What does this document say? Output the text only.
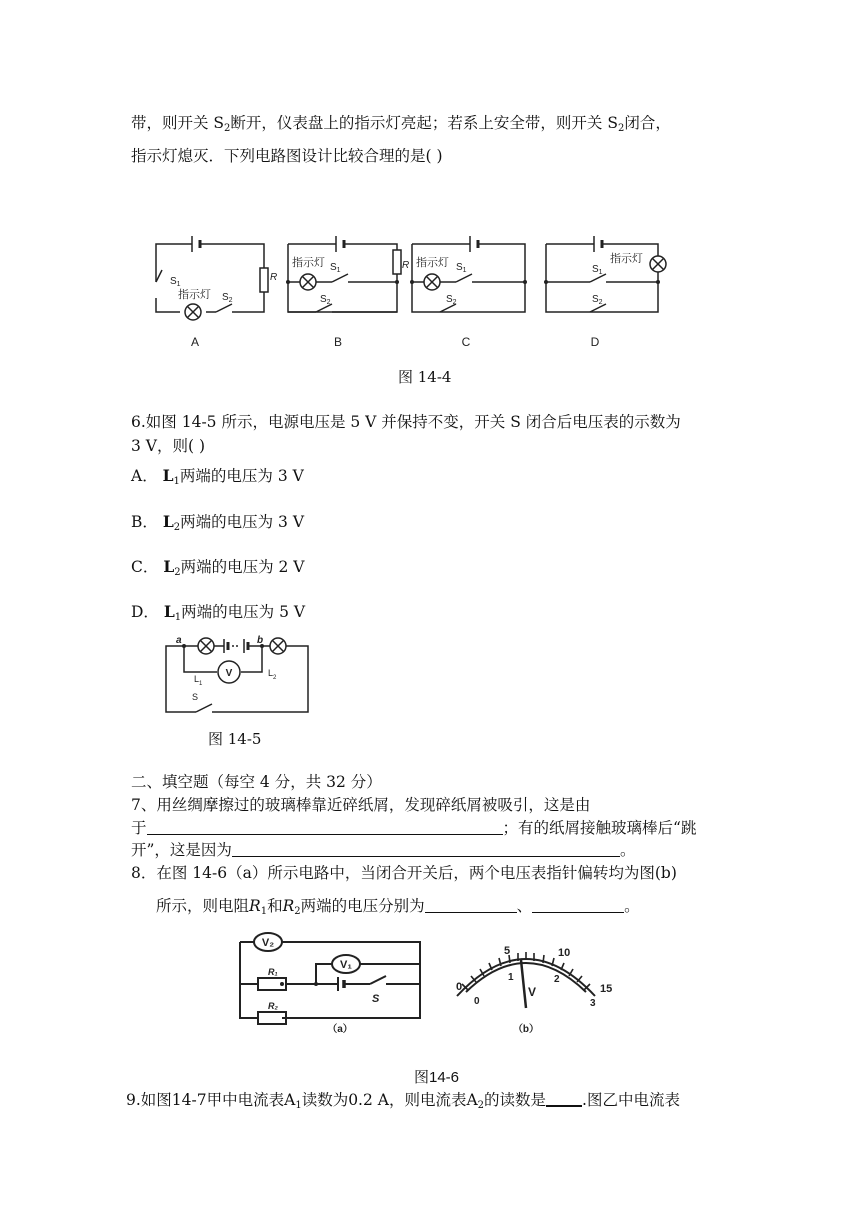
带，则开关 $S_2$断开，仪表盘上的指示灯亮起；若系上安全带，则开关 $S_2$闭合，
指示灯熄灭．下列电路图设计比较合理的是( )
$S_1$
指示灯 $S_2$
R
指示灯 $S_1$
$S_2$
R 指示灯 $S_1$
$S_2$
$S_1$
指示灯
$S_2$
A	B	C	D
图 14-4
6.如图 14-5 所示，电源电压是 5 V 并保持不变，开关 S 闭合后电压表的示数为
3 V，则( )
A． $L_1$两端的电压为 3 V
B． $L_2$两端的电压为 3 V
C． $L_2$两端的电压为 2 V
D． $L_1$两端的电压为 5 V
a	b
V
$L_1$
$L_2$
S
图 14-5
二、填空题（每空 4 分，共 32 分）
7、用丝绸摩擦过的玻璃棒靠近碎纸屑，发现碎纸屑被吸引，这是由
于	；有的纸屑接触玻璃棒后“跳
开”，这是因为	。
8．在图 14-6（a）所示电路中，当闭合开关后，两个电压表指针偏转均为图(b)
所示，则电阻$R_1$和$R_2$两端的电压分别为	、	。
V₂
V₁
R₁
R₂
S
（a）	（b）
0
5	10
15
0
1	2
3
V
图14-6
9.如图14-7甲中电流表$A_1$读数为0.2 A，则电流表$A_2$的读数是 .图乙中电流表
